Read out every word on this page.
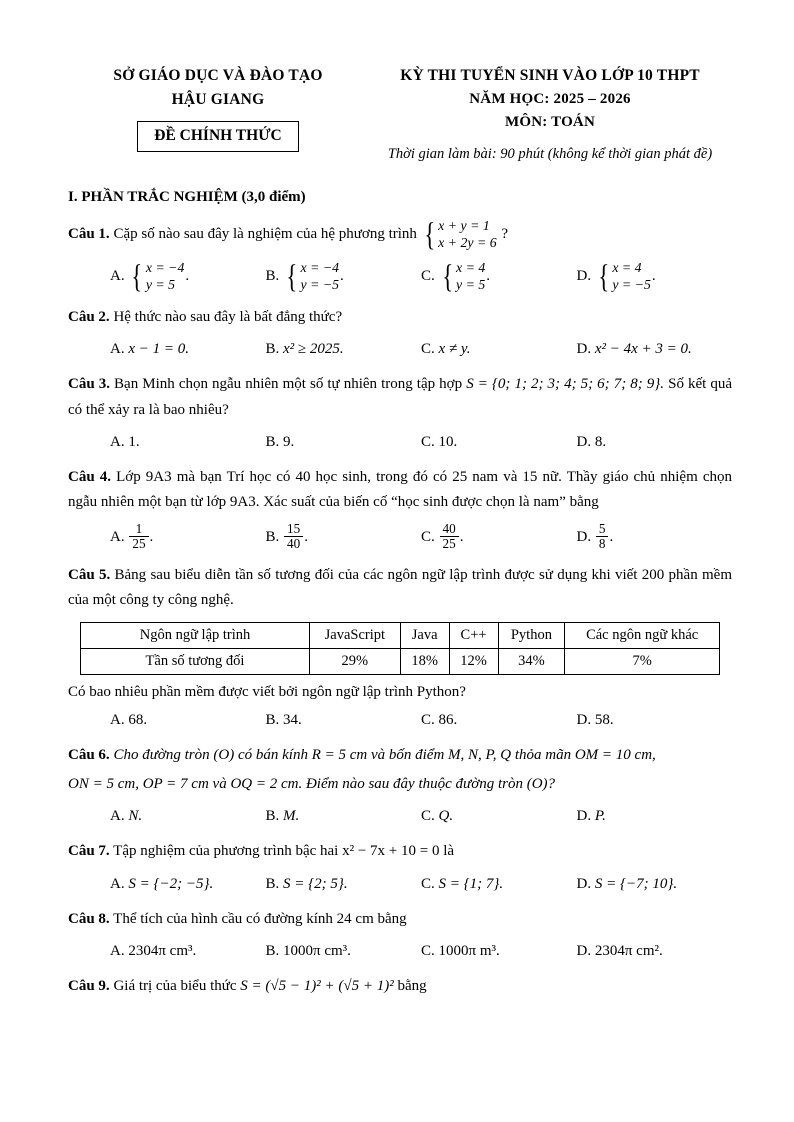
SỞ GIÁO DỤC VÀ ĐÀO TẠO
HẬU GIANG
ĐỀ CHÍNH THỨC
KỲ THI TUYỂN SINH VÀO LỚP 10 THPT
NĂM HỌC: 2025 – 2026
MÔN: TOÁN
Thời gian làm bài: 90 phút (không kể thời gian phát đề)
I. PHẦN TRẮC NGHIỆM (3,0 điểm)
Câu 1. Cặp số nào sau đây là nghiệm của hệ phương trình { x + y = 1
x + 2y = 6
?
A. { x = −4
y = 5
.	B. { x = −4
y = −5
.	C. { x = 4
y = 5
.	D. { x = 4
y = −5
.
Câu 2. Hệ thức nào sau đây là bất đẳng thức?
A. x − 1 = 0.	B. x² ≥ 2025.	C. x ≠ y.	D. x² − 4x + 3 = 0.
Câu 3. Bạn Minh chọn ngẫu nhiên một số tự nhiên trong tập hợp S = {0; 1; 2; 3; 4; 5; 6; 7; 8; 9}. Số kết quả có thể xảy ra là bao nhiêu?
A. 1.	B. 9.	C. 10.	D. 8.
Câu 4. Lớp 9A3 mà bạn Trí học có 40 học sinh, trong đó có 25 nam và 15 nữ. Thầy giáo chủ nhiệm chọn ngẫu nhiên một bạn từ lớp 9A3. Xác suất của biến cố “học sinh được chọn là nam” bằng
A. $\frac{1}{25}$ .	B. $\frac{15}{40}$ .	C. $\frac{40}{25}$ .	D. $\frac{5}{8}$ .
Câu 5. Bảng sau biểu diễn tần số tương đối của các ngôn ngữ lập trình được sử dụng khi viết 200 phần mềm của một công ty công nghệ.
Ngôn ngữ lập trình	JavaScript	Java	C++	Python	Các ngôn ngữ khác
Tần số tương đối	29%	18%	12%	34%	7%
Có bao nhiêu phần mềm được viết bởi ngôn ngữ lập trình Python?
A. 68.	B. 34.	C. 86.	D. 58.
Câu 6. Cho đường tròn (O) có bán kính R = 5 cm và bốn điểm M, N, P, Q thỏa mãn OM = 10 cm,
ON = 5 cm, OP = 7 cm và OQ = 2 cm. Điểm nào sau đây thuộc đường tròn (O)?
A. N.	B. M.	C. Q.	D. P.
Câu 7. Tập nghiệm của phương trình bậc hai x² − 7x + 10 = 0 là
A. S = {−2; −5}.	B. S = {2; 5}.	C. S = {1; 7}.	D. S = {−7; 10}.
Câu 8. Thể tích của hình cầu có đường kính 24 cm bằng
A. 2304π cm³.	B. 1000π cm³.	C. 1000π m³.	D. 2304π cm².
Câu 9. Giá trị của biểu thức S = (√5 − 1)² + (√5 + 1)² bằng
